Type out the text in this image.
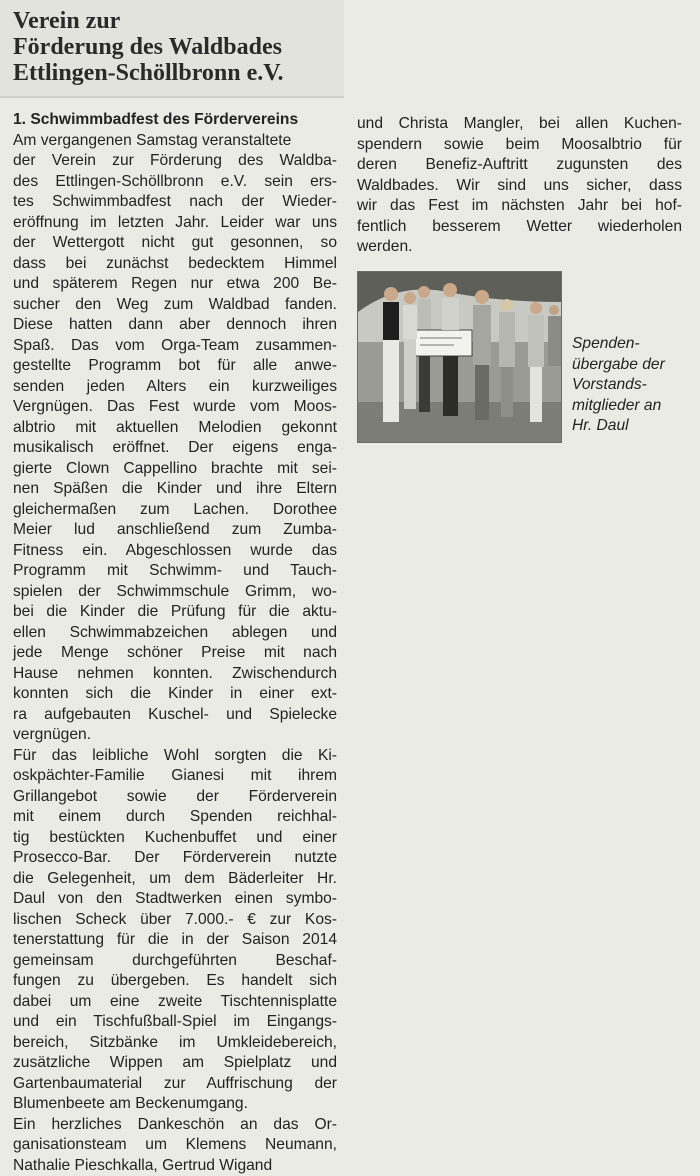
Verein zur
Förderung des Waldbades
Ettlingen-Schöllbronn e.V.
1. Schwimmbadfest des Fördervereins
Am vergangenen Samstag veranstaltete
der Verein zur Förderung des Waldba-
des Ettlingen-Schöllbronn e.V. sein ers-
tes Schwimmbadfest nach der Wieder-
eröffnung im letzten Jahr. Leider war uns
der Wettergott nicht gut gesonnen, so
dass bei zunächst bedecktem Himmel
und späterem Regen nur etwa 200 Be-
sucher den Weg zum Waldbad fanden.
Diese hatten dann aber dennoch ihren
Spaß. Das vom Orga-Team zusammen-
gestellte Programm bot für alle anwe-
senden jeden Alters ein kurzweiliges
Vergnügen. Das Fest wurde vom Moos-
albtrio mit aktuellen Melodien gekonnt
musikalisch eröffnet. Der eigens enga-
gierte Clown Cappellino brachte mit sei-
nen Späßen die Kinder und ihre Eltern
gleichermaßen zum Lachen. Dorothee
Meier lud anschließend zum Zumba-
Fitness ein. Abgeschlossen wurde das
Programm mit Schwimm- und Tauch-
spielen der Schwimmschule Grimm, wo-
bei die Kinder die Prüfung für die aktu-
ellen Schwimmabzeichen ablegen und
jede Menge schöner Preise mit nach
Hause nehmen konnten. Zwischendurch
konnten sich die Kinder in einer ext-
ra aufgebauten Kuschel- und Spielecke
vergnügen.
Für das leibliche Wohl sorgten die Ki-
oskpächter-Familie Gianesi mit ihrem
Grillangebot sowie der Förderverein
mit einem durch Spenden reichhal-
tig bestückten Kuchenbuffet und einer
Prosecco-Bar. Der Förderverein nutzte
die Gelegenheit, um dem Bäderleiter Hr.
Daul von den Stadtwerken einen symbo-
lischen Scheck über 7.000.- € zur Kos-
tenerstattung für die in der Saison 2014
gemeinsam durchgeführten Beschaf-
fungen zu übergeben. Es handelt sich
dabei um eine zweite Tischtennisplatte
und ein Tischfußball-Spiel im Eingangs-
bereich, Sitzbänke im Umkleidebereich,
zusätzliche Wippen am Spielplatz und
Gartenbaumaterial zur Auffrischung der
Blumenbeete am Beckenumgang.
Ein herzliches Dankeschön an das Or-
ganisationsteam um Klemens Neumann,
Nathalie Pieschkalla, Gertrud Wigand
und Christa Mangler, bei allen Kuchen-
spendern sowie beim Moosalbtrio für
deren Benefiz-Auftritt zugunsten des
Waldbades. Wir sind uns sicher, dass
wir das Fest im nächsten Jahr bei hof-
fentlich besserem Wetter wiederholen
werden.
Spenden-
übergabe der
Vorstands-
mitglieder an
Hr. Daul
